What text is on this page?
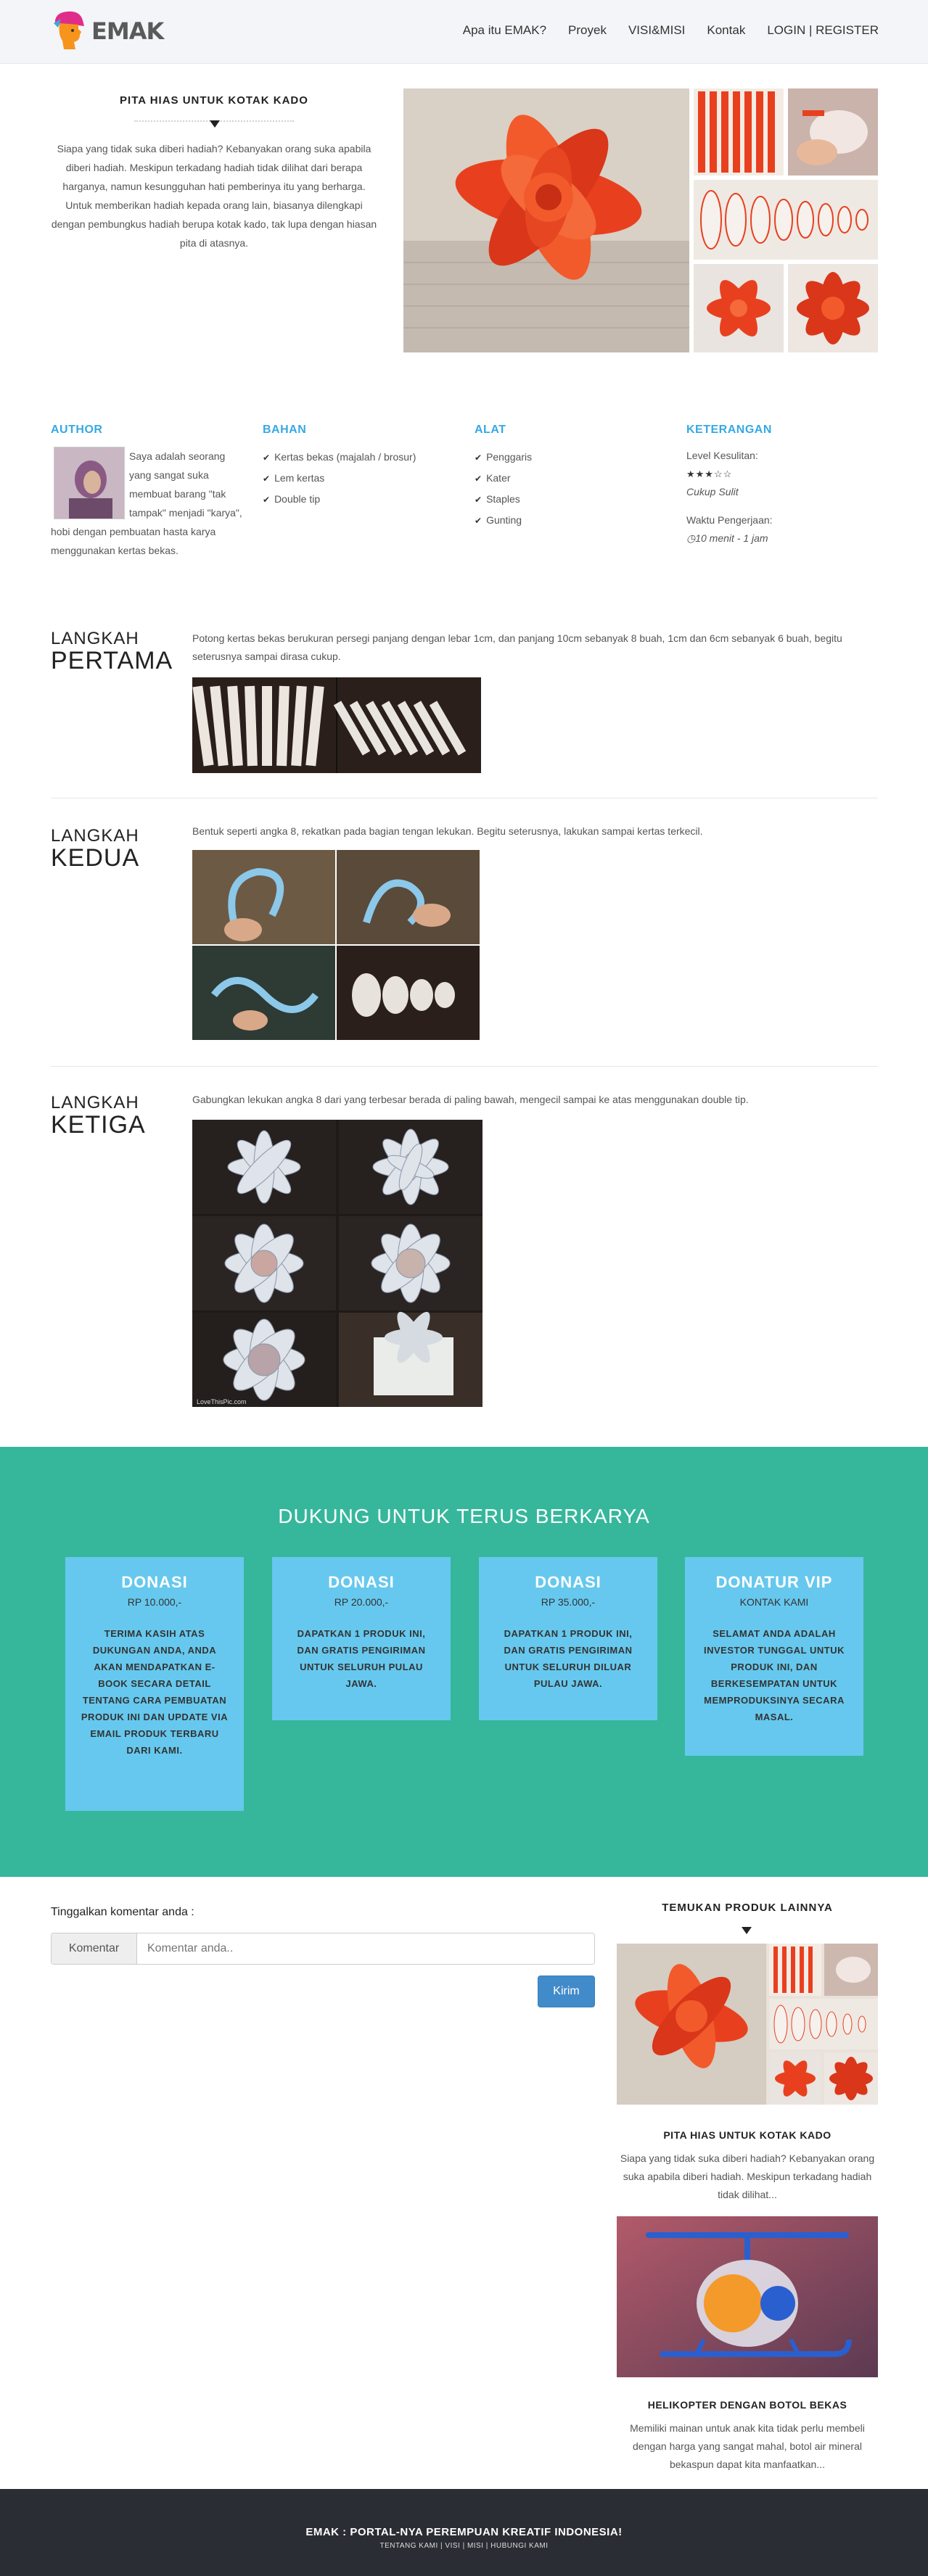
EMAK	Apa itu EMAK? Proyek VISI&MISI Kontak LOGIN | REGISTER
PITA HIAS UNTUK KOTAK KADO
Siapa yang tidak suka diberi hadiah? Kebanyakan orang suka apabila diberi hadiah. Meskipun terkadang hadiah tidak dilihat dari berapa harganya, namun kesungguhan hati pemberinya itu yang berharga. Untuk memberikan hadiah kepada orang lain, biasanya dilengkapi dengan pembungkus hadiah berupa kotak kado, tak lupa dengan hiasan pita di atasnya.
AUTHOR
Saya adalah seorang yang sangat suka membuat barang "tak tampak" menjadi "karya", hobi dengan pembuatan hasta karya menggunakan kertas bekas.
BAHAN
✔ Kertas bekas (majalah / brosur)
✔ Lem kertas
✔ Double tip
ALAT
✔ Penggaris
✔ Kater
✔ Staples
✔ Gunting
KETERANGAN
Level Kesulitan:
★★★☆☆
Cukup Sulit
Waktu Pengerjaan:
◷10 menit - 1 jam
LANGKAH
PERTAMA
Potong kertas bekas berukuran persegi panjang dengan lebar 1cm, dan panjang 10cm sebanyak 8 buah, 1cm dan 6cm sebanyak 6 buah, begitu seterusnya sampai dirasa cukup.
LANGKAH
KEDUA
Bentuk seperti angka 8, rekatkan pada bagian tengan lekukan. Begitu seterusnya, lakukan sampai kertas terkecil.
LANGKAH
KETIGA
Gabungkan lekukan angka 8 dari yang terbesar berada di paling bawah, mengecil sampai ke atas menggunakan double tip.
LoveThisPic.com
DUKUNG UNTUK TERUS BERKARYA
DONASI
RP 10.000,-
TERIMA KASIH ATAS DUKUNGAN ANDA, ANDA AKAN MENDAPATKAN E-BOOK SECARA DETAIL TENTANG CARA PEMBUATAN PRODUK INI DAN UPDATE VIA EMAIL PRODUK TERBARU DARI KAMI.
DONASI
RP 20.000,-
DAPATKAN 1 PRODUK INI, DAN GRATIS PENGIRIMAN UNTUK SELURUH PULAU JAWA.
DONASI
RP 35.000,-
DAPATKAN 1 PRODUK INI, DAN GRATIS PENGIRIMAN UNTUK SELURUH DILUAR PULAU JAWA.
DONATUR VIP
KONTAK KAMI
SELAMAT ANDA ADALAH INVESTOR TUNGGAL UNTUK PRODUK INI, DAN BERKESEMPATAN UNTUK MEMPRODUKSINYA SECARA MASAL.
Tinggalkan komentar anda :
Komentar
Komentar anda..
Kirim
TEMUKAN PRODUK LAINNYA
PITA HIAS UNTUK KOTAK KADO
Siapa yang tidak suka diberi hadiah? Kebanyakan orang suka apabila diberi hadiah. Meskipun terkadang hadiah tidak dilihat...
HELIKOPTER DENGAN BOTOL BEKAS
Memiliki mainan untuk anak kita tidak perlu membeli dengan harga yang sangat mahal, botol air mineral bekaspun dapat kita manfaatkan...
EMAK : PORTAL-NYA PEREMPUAN KREATIF INDONESIA!
TENTANG KAMI | VISI | MISI | HUBUNGI KAMI
